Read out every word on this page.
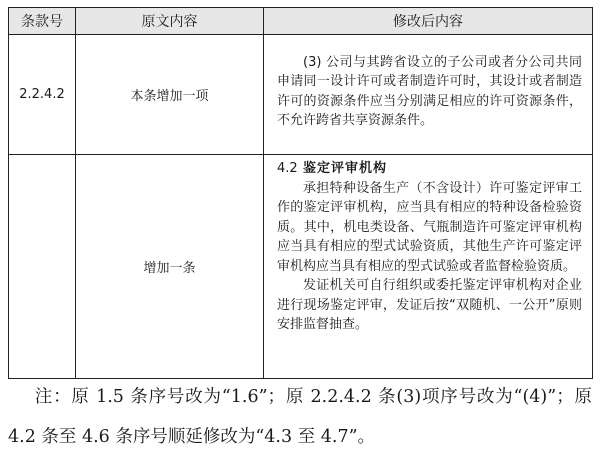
条款号	原文内容	修改后内容
2.2.4.2	本条增加一项	(3) 公司与其跨省设立的子公司或者分公司共同申请同一设计许可或者制造许可时，其设计或者制造许可的资源条件应当分别满足相应的许可资源条件，不允许跨省共享资源条件。

	增加一条	4.2 鉴定评审机构

承担特种设备生产（不含设计）许可鉴定评审工作的鉴定评审机构，应当具有相应的特种设备检验资质。其中，机电类设备、气瓶制造许可鉴定评审机构应当具有相应的型式试验资质，其他生产许可鉴定评审机构应当具有相应的型式试验或者监督检验资质。

发证机关可自行组织或委托鉴定评审机构对企业进行现场鉴定评审，发证后按“双随机、一公开”原则安排监督抽查。

注：原 1.5 条序号改为“1.6”；原 2.2.4.2 条(3)项序号改为“(4)”；原 4.2 条至 4.6 条序号顺延修改为“4.3 至 4.7”。
